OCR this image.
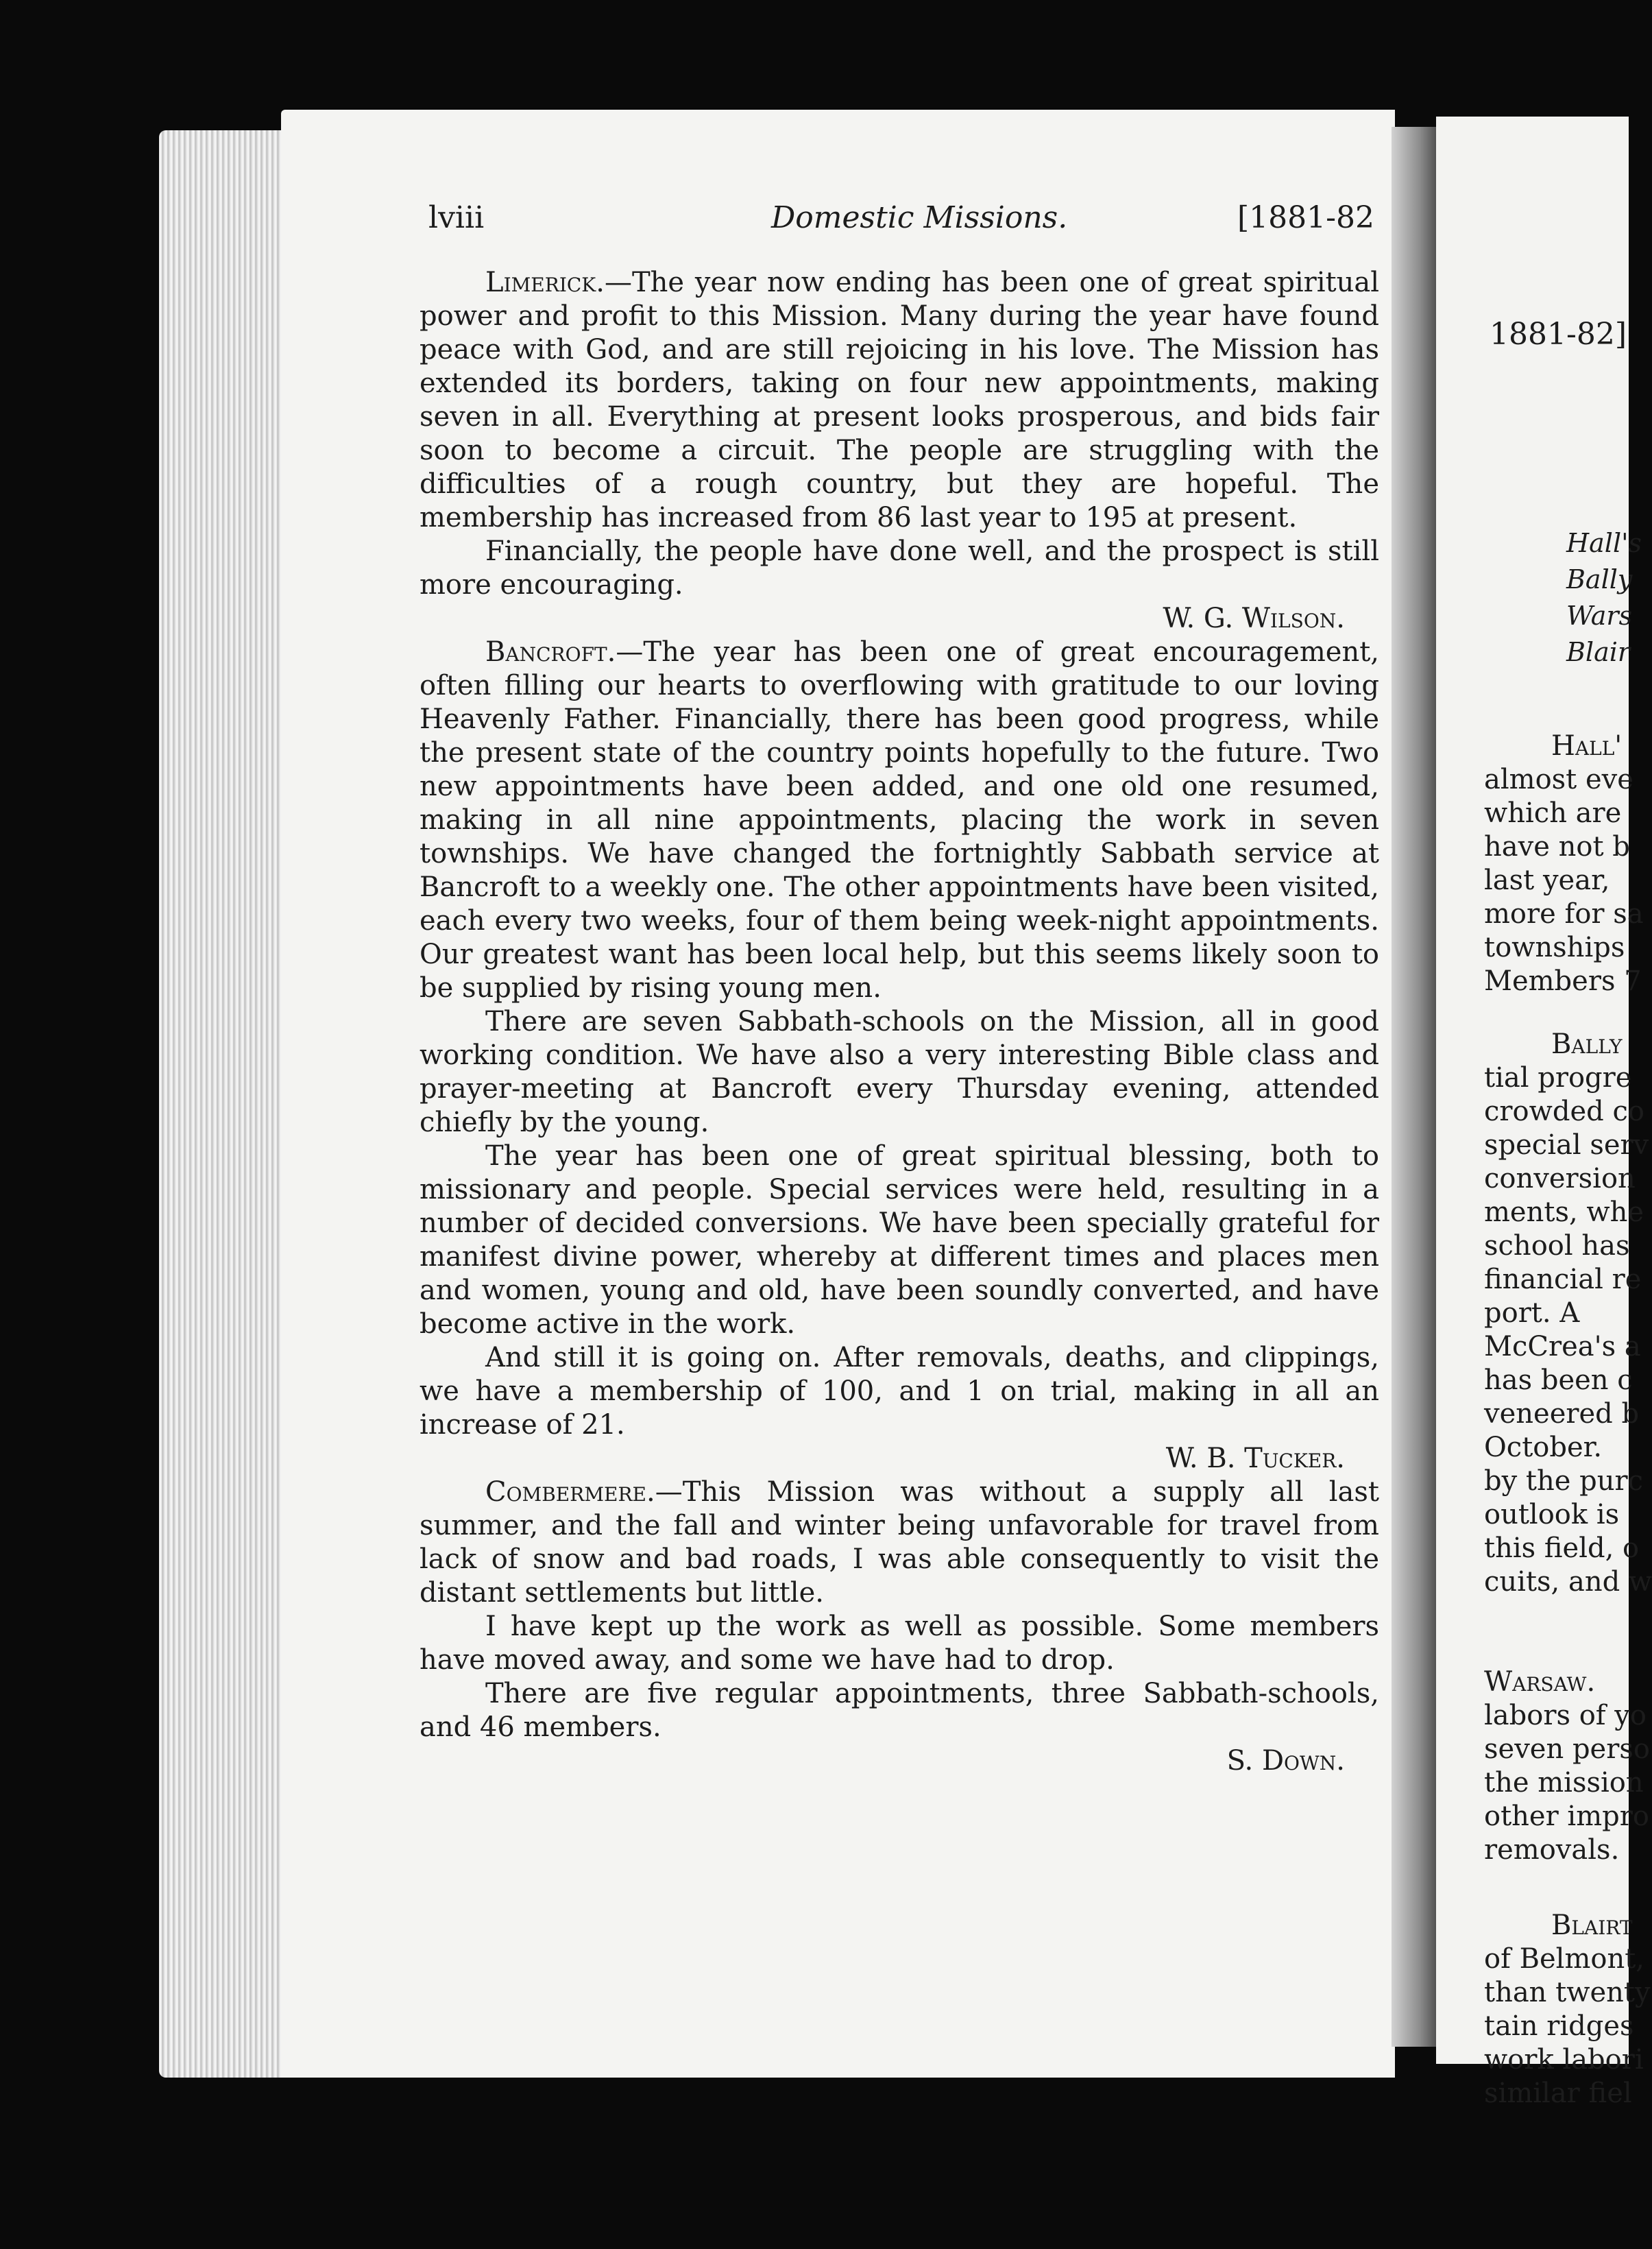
1881-82]
Hall's
Bally
Wars
Blair
Hall'
almost eve
which are
have not b
last year,
more for sa
townships
Members 7
Bally
tial progre
crowded co
special serv
conversion
ments, whe
school has
financial re
port. A
McCrea's a
has been c
veneered b
October.
by the purc
outlook is
this field, o
cuits, and w
Warsaw.
labors of yo
seven perso
the mission
other impro
removals.
Blairt
of Belmont,
than twenty
tain ridges
work labori
similar fiel
lviii	Domestic Missions.	[1881-82

Limerick.—The year now ending has been one of great spiritual power and profit to this Mission. Many during the year have found peace with God, and are still rejoicing in his love. The Mission has extended its borders, taking on four new appointments, making seven in all. Everything at present looks prosperous, and bids fair soon to become a circuit. The people are struggling with the difficulties of a rough country, but they are hopeful. The membership has increased from 86 last year to 195 at present.

Financially, the people have done well, and the prospect is still more encouraging.

W. G. Wilson.

Bancroft.—The year has been one of great encouragement, often filling our hearts to overflowing with gratitude to our loving Heavenly Father. Financially, there has been good progress, while the present state of the country points hopefully to the future. Two new appointments have been added, and one old one resumed, making in all nine appointments, placing the work in seven townships. We have changed the fortnightly Sabbath service at Bancroft to a weekly one. The other appointments have been visited, each every two weeks, four of them being week-night appointments. Our greatest want has been local help, but this seems likely soon to be supplied by rising young men.

There are seven Sabbath-schools on the Mission, all in good working condition. We have also a very interesting Bible class and prayer-meeting at Bancroft every Thursday evening, attended chiefly by the young.

The year has been one of great spiritual blessing, both to missionary and people. Special services were held, resulting in a number of decided conversions. We have been specially grateful for manifest divine power, whereby at different times and places men and women, young and old, have been soundly converted, and have become active in the work.

And still it is going on. After removals, deaths, and clippings, we have a membership of 100, and 1 on trial, making in all an increase of 21.

W. B. Tucker.

Combermere.—This Mission was without a supply all last summer, and the fall and winter being unfavorable for travel from lack of snow and bad roads, I was able consequently to visit the distant settlements but little.

I have kept up the work as well as possible. Some members have moved away, and some we have had to drop.

There are five regular appointments, three Sabbath-schools, and 46 members.

S. Down.
